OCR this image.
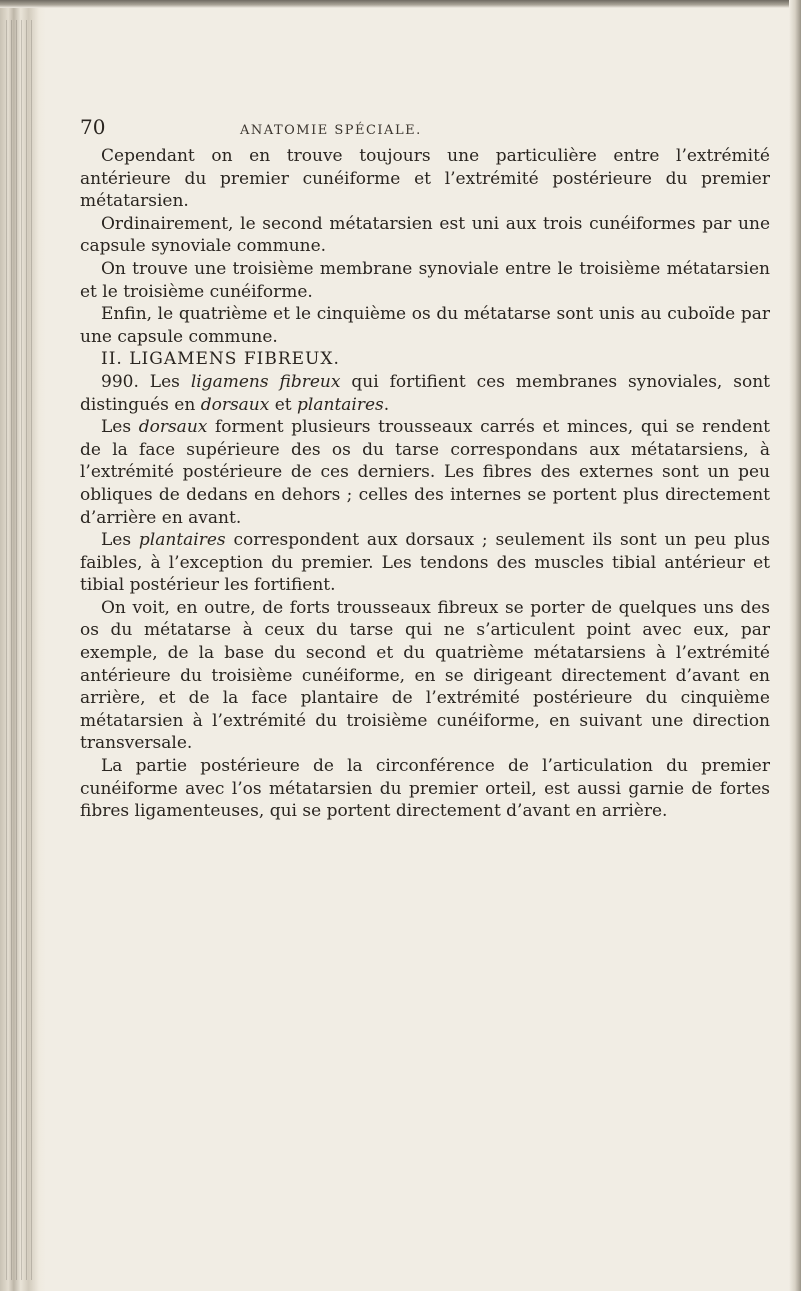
70	ANATOMIE SPÉCIALE.

Cependant on en trouve toujours une particulière entre l’extrémité antérieure du premier cunéiforme et l’extrémité postérieure du premier métatarsien.

Ordinairement, le second métatarsien est uni aux trois cunéiformes par une capsule synoviale commune.

On trouve une troisième membrane synoviale entre le troisième métatarsien et le troisième cunéiforme.

Enfin, le quatrième et le cinquième os du métatarse sont unis au cuboïde par une capsule commune.

II. LIGAMENS FIBREUX.

990. Les ligamens fibreux qui fortifient ces membranes synoviales, sont distingués en dorsaux et plantaires.

Les dorsaux forment plusieurs trousseaux carrés et minces, qui se rendent de la face supérieure des os du tarse correspondans aux métatarsiens, à l’extrémité postérieure de ces derniers. Les fibres des externes sont un peu obliques de dedans en dehors ; celles des internes se portent plus directement d’arrière en avant.

Les plantaires correspondent aux dorsaux ; seulement ils sont un peu plus faibles, à l’exception du premier. Les tendons des muscles tibial antérieur et tibial postérieur les fortifient.

On voit, en outre, de forts trousseaux fibreux se porter de quelques uns des os du métatarse à ceux du tarse qui ne s’articulent point avec eux, par exemple, de la base du second et du quatrième métatarsiens à l’extrémité antérieure du troisième cunéiforme, en se dirigeant directement d’avant en arrière, et de la face plantaire de l’extrémité postérieure du cinquième métatarsien à l’extrémité du troisième cunéiforme, en suivant une direction transversale.

La partie postérieure de la circonférence de l’articulation du premier cunéiforme avec l’os métatarsien du premier orteil, est aussi garnie de fortes fibres ligamenteuses, qui se portent directement d’avant en arrière.
